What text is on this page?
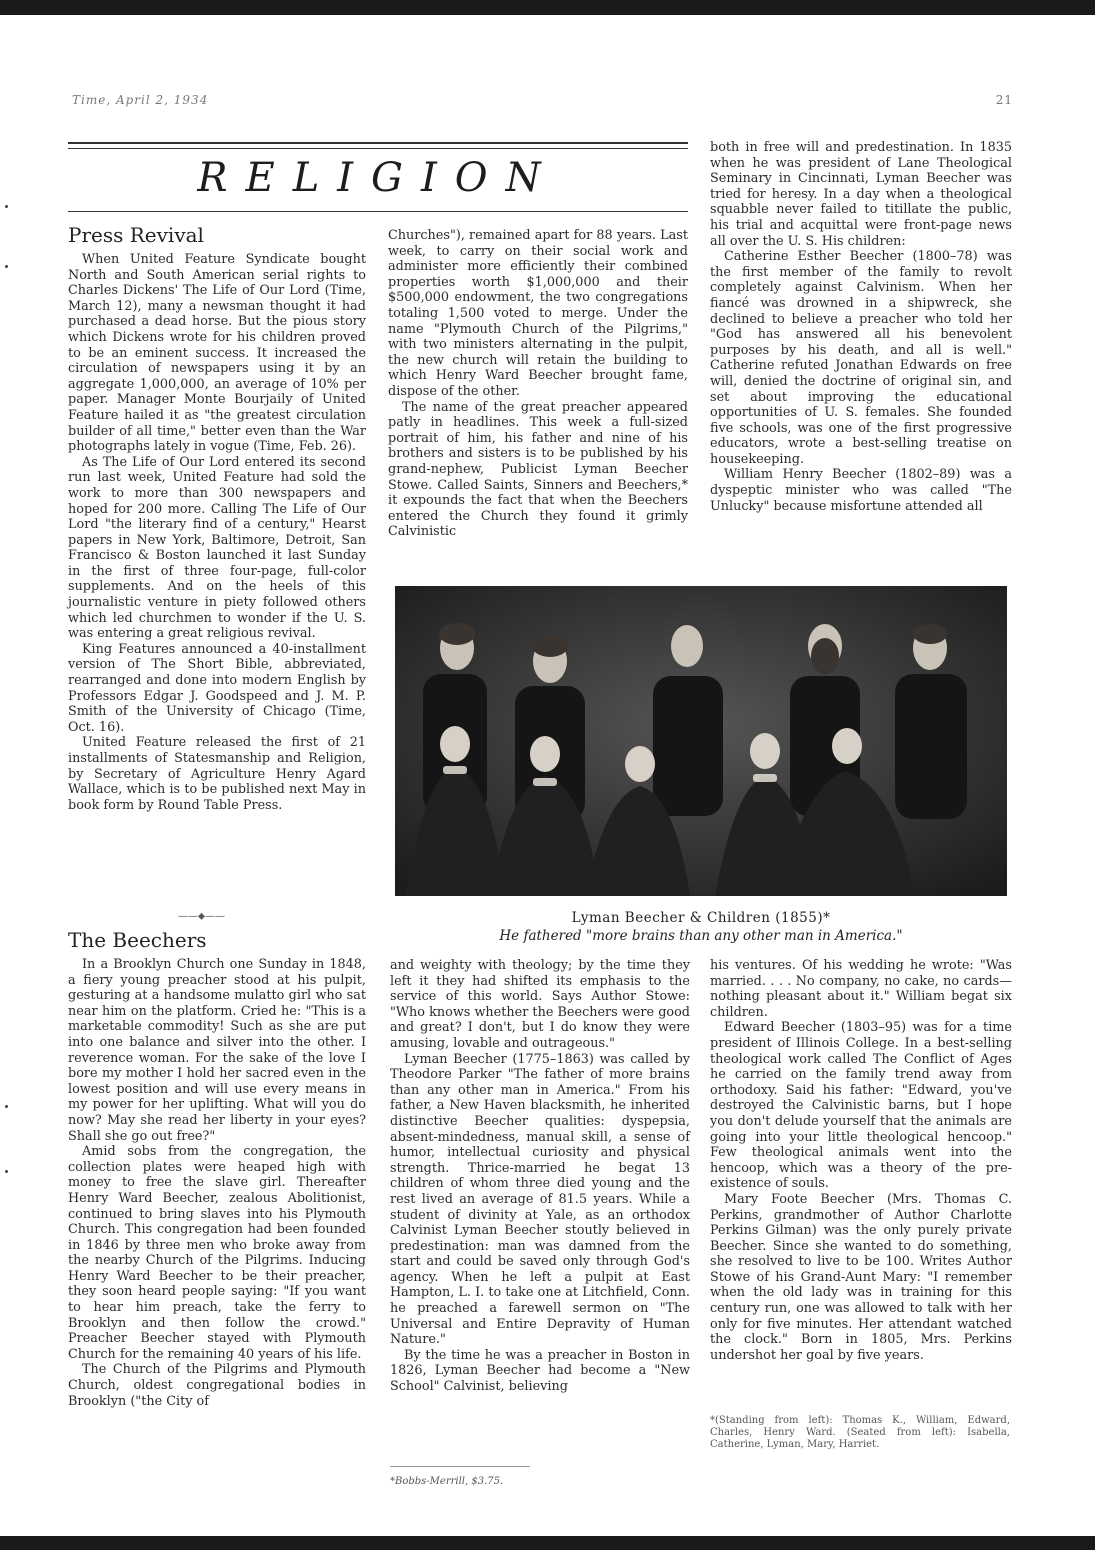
Time, April 2, 1934	21
RELIGION
Press Revival

When United Feature Syndicate bought North and South American serial rights to Charles Dickens' The Life of Our Lord (Time, March 12), many a newsman thought it had purchased a dead horse. But the pious story which Dickens wrote for his children proved to be an eminent success. It increased the circulation of newspapers using it by an aggregate 1,000,000, an average of 10% per paper. Manager Monte Bourjaily of United Feature hailed it as "the greatest circulation builder of all time," better even than the War photographs lately in vogue (Time, Feb. 26).

As The Life of Our Lord entered its second run last week, United Feature had sold the work to more than 300 newspapers and hoped for 200 more. Calling The Life of Our Lord "the literary find of a century," Hearst papers in New York, Baltimore, Detroit, San Francisco & Boston launched it last Sunday in the first of three four-page, full-color supplements. And on the heels of this journalistic venture in piety followed others which led churchmen to wonder if the U. S. was entering a great religious revival.

King Features announced a 40-installment version of The Short Bible, abbreviated, rearranged and done into modern English by Professors Edgar J. Goodspeed and J. M. P. Smith of the University of Chicago (Time, Oct. 16).

United Feature released the first of 21 installments of Statesmanship and Religion, by Secretary of Agriculture Henry Agard Wallace, which is to be published next May in book form by Round Table Press.

——⬥——

Churches"), remained apart for 88 years. Last week, to carry on their social work and administer more efficiently their combined properties worth $1,000,000 and their $500,000 endowment, the two congregations totaling 1,500 voted to merge. Under the name "Plymouth Church of the Pilgrims," with two ministers alternating in the pulpit, the new church will retain the building to which Henry Ward Beecher brought fame, dispose of the other.

The name of the great preacher appeared patly in headlines. This week a full-sized portrait of him, his father and nine of his brothers and sisters is to be published by his grand-nephew, Publicist Lyman Beecher Stowe. Called Saints, Sinners and Beechers,* it expounds the fact that when the Beechers entered the Church they found it grimly Calvinistic

both in free will and predestination. In 1835 when he was president of Lane Theological Seminary in Cincinnati, Lyman Beecher was tried for heresy. In a day when a theological squabble never failed to titillate the public, his trial and acquittal were front-page news all over the U. S. His children:

Catherine Esther Beecher (1800–78) was the first member of the family to revolt completely against Calvinism. When her fiancé was drowned in a shipwreck, she declined to believe a preacher who told her "God has answered all his benevolent purposes by his death, and all is well." Catherine refuted Jonathan Edwards on free will, denied the doctrine of original sin, and set about improving the educational opportunities of U. S. females. She founded five schools, was one of the first progressive educators, wrote a best-selling treatise on housekeeping.

William Henry Beecher (1802–89) was a dyspeptic minister who was called "The Unlucky" because misfortune attended all

Lyman Beecher & Children (1855)*
He fathered "more brains than any other man in America."
The Beechers

In a Brooklyn Church one Sunday in 1848, a fiery young preacher stood at his pulpit, gesturing at a handsome mulatto girl who sat near him on the platform. Cried he: "This is a marketable commodity! Such as she are put into one balance and silver into the other. I reverence woman. For the sake of the love I bore my mother I hold her sacred even in the lowest position and will use every means in my power for her uplifting. What will you do now? May she read her liberty in your eyes? Shall she go out free?"

Amid sobs from the congregation, the collection plates were heaped high with money to free the slave girl. Thereafter Henry Ward Beecher, zealous Abolitionist, continued to bring slaves into his Plymouth Church. This congregation had been founded in 1846 by three men who broke away from the nearby Church of the Pilgrims. Inducing Henry Ward Beecher to be their preacher, they soon heard people saying: "If you want to hear him preach, take the ferry to Brooklyn and then follow the crowd." Preacher Beecher stayed with Plymouth Church for the remaining 40 years of his life.

The Church of the Pilgrims and Plymouth Church, oldest congregational bodies in Brooklyn ("the City of

and weighty with theology; by the time they left it they had shifted its emphasis to the service of this world. Says Author Stowe: "Who knows whether the Beechers were good and great? I don't, but I do know they were amusing, lovable and outrageous."

Lyman Beecher (1775–1863) was called by Theodore Parker "The father of more brains than any other man in America." From his father, a New Haven blacksmith, he inherited distinctive Beecher qualities: dyspepsia, absent-mindedness, manual skill, a sense of humor, intellectual curiosity and physical strength. Thrice-married he begat 13 children of whom three died young and the rest lived an average of 81.5 years. While a student of divinity at Yale, as an orthodox Calvinist Lyman Beecher stoutly believed in predestination: man was damned from the start and could be saved only through God's agency. When he left a pulpit at East Hampton, L. I. to take one at Litchfield, Conn. he preached a farewell sermon on "The Universal and Entire Depravity of Human Nature."

By the time he was a preacher in Boston in 1826, Lyman Beecher had become a "New School" Calvinist, believing

his ventures. Of his wedding he wrote: "Was married. . . . No company, no cake, no cards—nothing pleasant about it." William begat six children.

Edward Beecher (1803–95) was for a time president of Illinois College. In a best-selling theological work called The Conflict of Ages he carried on the family trend away from orthodoxy. Said his father: "Edward, you've destroyed the Calvinistic barns, but I hope you don't delude yourself that the animals are going into your little theological hencoop." Few theological animals went into the hencoop, which was a theory of the pre-existence of souls.

Mary Foote Beecher (Mrs. Thomas C. Perkins, grandmother of Author Charlotte Perkins Gilman) was the only purely private Beecher. Since she wanted to do something, she resolved to live to be 100. Writes Author Stowe of his Grand-Aunt Mary: "I remember when the old lady was in training for this century run, one was allowed to talk with her only for five minutes. Her attendant watched the clock." Born in 1805, Mrs. Perkins undershot her goal by five years.

*Bobbs-Merrill, $3.75.
*(Standing from left): Thomas K., William, Edward, Charles, Henry Ward. (Seated from left): Isabella, Catherine, Lyman, Mary, Harriet.
